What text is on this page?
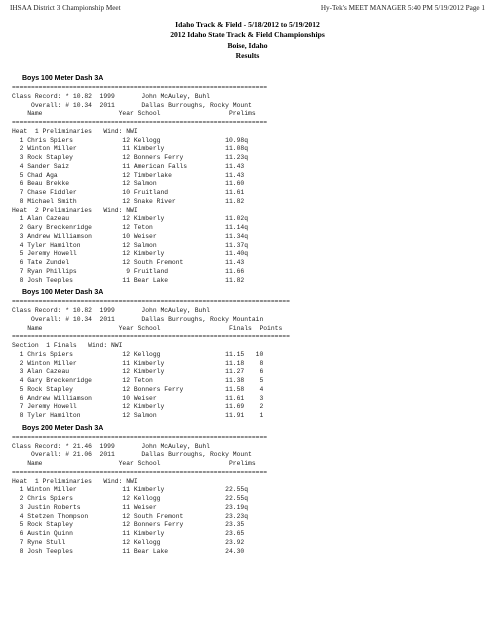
IHSAA District 3 Championship Meet	Hy-Tek's MEET MANAGER 5:40 PM 5/19/2012 Page 1
Idaho Track & Field - 5/18/2012 to 5/19/2012
2012 Idaho State Track & Field Championships
Boise, Idaho
Results
Boys 100 Meter Dash 3A
===================================================================
Class Record: * 10.82  1999       John McAuley, Buhl
Overall: # 10.34  2011       Dallas Burroughs, Rocky Mount
Name                    Year School                  Prelims
===================================================================
Heat  1 Preliminaries   Wind: NWI
1 Chris Spiers             12 Kellogg                 10.98q
2 Winton Miller            11 Kimberly                11.08q
3 Rock Stapley             12 Bonners Ferry           11.23q
4 Sander Saiz              11 American Falls          11.43
5 Chad Aga                 12 Timberlake              11.43
6 Beau Brekke              12 Salmon                  11.60
7 Chase Fiddler            10 Fruitland               11.61
8 Michael Smith            12 Snake River             11.82
Heat  2 Preliminaries   Wind: NWI
1 Alan Cazeau              12 Kimberly                11.02q
2 Gary Breckenridge        12 Teton                   11.14q
3 Andrew Williamson        10 Weiser                  11.34q
4 Tyler Hamilton           12 Salmon                  11.37q
5 Jeremy Howell            12 Kimberly                11.40q
6 Tate Zundel              12 South Fremont           11.43
7 Ryan Phillips             9 Fruitland               11.66
8 Josh Teeples             11 Bear Lake               11.82
Boys 100 Meter Dash 3A
=========================================================================
Class Record: * 10.82  1999       John McAuley, Buhl
Overall: # 10.34  2011       Dallas Burroughs, Rocky Mountain
Name                    Year School                  Finals  Points
=========================================================================
Section  1 Finals   Wind: NWI
1 Chris Spiers             12 Kellogg                 11.15   10
2 Winton Miller            11 Kimberly                11.18    8
3 Alan Cazeau              12 Kimberly                11.27    6
4 Gary Breckenridge        12 Teton                   11.38    5
5 Rock Stapley             12 Bonners Ferry           11.58    4
6 Andrew Williamson        10 Weiser                  11.61    3
7 Jeremy Howell            12 Kimberly                11.69    2
8 Tyler Hamilton           12 Salmon                  11.91    1
Boys 200 Meter Dash 3A
===================================================================
Class Record: * 21.46  1999       John McAuley, Buhl
Overall: # 21.06  2011       Dallas Burroughs, Rocky Mount
Name                    Year School                  Prelims
===================================================================
Heat  1 Preliminaries   Wind: NWI
1 Winton Miller            11 Kimberly                22.55q
2 Chris Spiers             12 Kellogg                 22.55q
3 Justin Roberts           11 Weiser                  23.19q
4 Stetzen Thompson         12 South Fremont           23.23q
5 Rock Stapley             12 Bonners Ferry           23.35
6 Austin Quinn             11 Kimberly                23.65
7 Ryne Stull               12 Kellogg                 23.92
8 Josh Teeples             11 Bear Lake               24.30
